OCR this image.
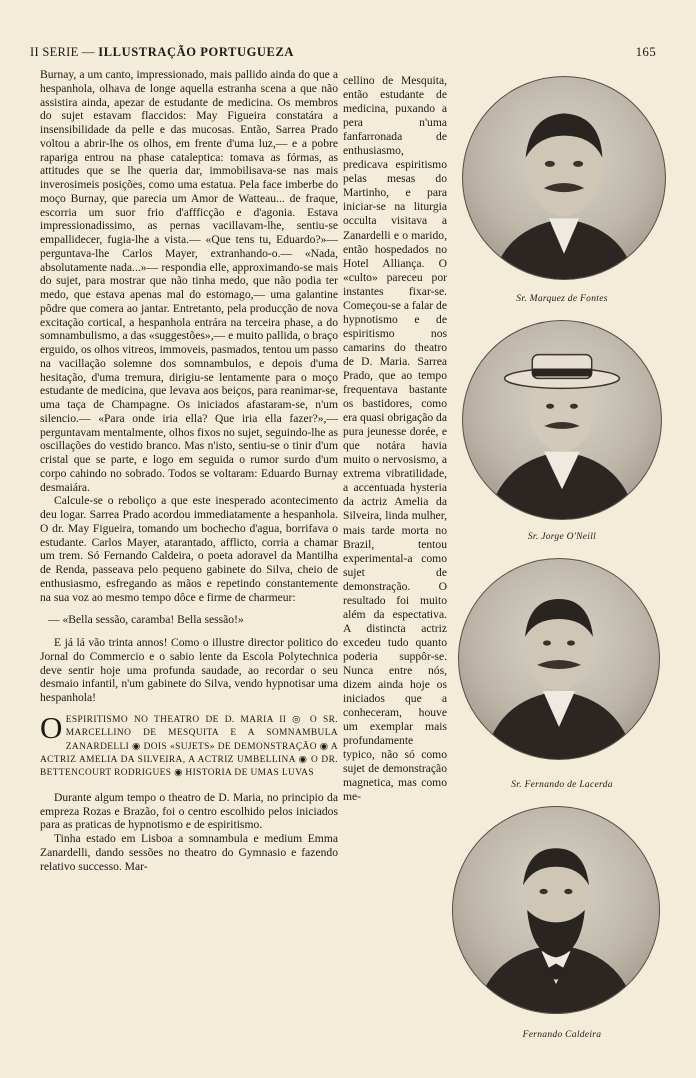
II SERIE — ILLUSTRAÇÃO PORTUGUEZA	165

Burnay, a um canto, impressionado, mais pallido ainda do que a hespanhola, olhava de longe aquella estranha scena a que não assistira ainda, apezar de estudante de medicina. Os membros do sujet estavam flaccidos: May Figueira constatára a insensibilidade da pelle e das mucosas. Então, Sarrea Prado voltou a abrir-lhe os olhos, em frente d'uma luz,— e a pobre rapariga entrou na phase cataleptica: tomava as fórmas, as attitudes que se lhe queria dar, immobilisava-se nas mais inverosimeis posições, como uma estatua. Pela face imberbe do moço Burnay, que parecia um Amor de Watteau... de fraque, escorria um suor frio d'affficção e d'agonia. Estava impressionadissimo, as pernas vacillavam-lhe, sentiu-se empallidecer, fugia-lhe a vista.— «Que tens tu, Eduardo?»— perguntava-lhe Carlos Mayer, extranhando-o.— «Nada, absolutamente nada...»— respondia elle, approximando-se mais do sujet, para mostrar que não tinha medo, que não podia ter medo, que estava apenas mal do estomago,— uma galantine pôdre que comera ao jantar. Entretanto, pela producção de nova excitação cortical, a hespanhola entrára na terceira phase, a do somnambulismo, a das «suggestões»,— e muito pallida, o braço erguido, os olhos vitreos, immoveis, pasmados, tentou um passo na vacillação solemne dos somnambulos, e depois d'uma hesitação, d'uma tremura, dirigiu-se lentamente para o moço estudante de medicina, que levava aos beiços, para reanimar-se, uma taça de Champagne. Os iniciados afastaram-se, n'um silencio.— «Para onde iria ella? Que iria ella fazer?»,— perguntavam mentalmente, olhos fixos no sujet, seguindo-lhe as oscillações do vestido branco. Mas n'isto, sentiu-se o tinir d'um cristal que se parte, e logo em seguida o rumor surdo d'um corpo cahindo no sobrado. Todos se voltaram: Eduardo Burnay desmaiára.

Calcule-se o reboliço a que este inesperado acontecimento deu logar. Sarrea Prado acordou immediatamente a hespanhola. O dr. May Figueira, tomando um bochecho d'agua, borrifava o estudante. Carlos Mayer, atarantado, afflicto, corria a chamar um trem. Só Fernando Caldeira, o poeta adoravel da Mantilha de Renda, passeava pelo pequeno gabinete do Silva, cheio de enthusiasmo, esfregando as mãos e repetindo constantemente na sua voz ao mesmo tempo dôce e firme de charmeur:

— «Bella sessão, caramba! Bella sessão!»

E já lá vão trinta annos! Como o illustre director politico do Jornal do Commercio e o sabio lente da Escola Polytechnica deve sentir hoje uma profunda saudade, ao recordar o seu desmaio infantil, n'um gabinete do Silva, vendo hypnotisar uma hespanhola!

O ESPIRITISMO NO THEATRO DE D. MARIA II ◎ O SR. MARCELLINO DE MESQUITA E A SOMNAMBULA ZANARDELLI ◉ DOIS «SUJETS» DE DEMONSTRAÇÃO ◉ A ACTRIZ AMELIA DA SILVEIRA, A ACTRIZ UMBELLINA ◉ O DR. BETTENCOURT RODRIGUES ◉ HISTORIA DE UMAS LUVAS

Durante algum tempo o theatro de D. Maria, no principio da empreza Rozas e Brazão, foi o centro escolhido pelos iniciados para as praticas de hypnotismo e de espiritismo.

Tinha estado em Lisboa a somnambula e medium Emma Zanardelli, dando sessões no theatro do Gymnasio e fazendo relativo successo. Mar-

cellino de Mesquita, então estudante de medicina, puxando a pera n'uma fanfarronada de enthusiasmo, predicava espiritismo pelas mesas do Martinho, e para iniciar-se na liturgia occulta visitava a Zanardelli e o marido, então hospedados no Hotel Alliança. O «culto» pareceu por instantes fixar-se. Começou-se a falar de hypnotismo e de espiritismo nos camarins do theatro de D. Maria. Sarrea Prado, que ao tempo frequentava bastante os bastidores, como era quasi obrigação da pura jeunesse dorée, e que notára havia muito o nervosismo, a extrema vibratilidade, a accentuada hysteria da actriz Amelia da Silveira, linda mulher, mais tarde morta no Brazil, tentou experimental-a como sujet de demonstração. O resultado foi muito além da espectativa. A distincta actriz excedeu tudo quanto poderia suppôr-se. Nunca entre nós, dizem ainda hoje os iniciados que a conheceram, houve um exemplar mais profundamente typico, não só como sujet de demonstração magnetica, mas como me-

Sr. Marquez de Fontes
Sr. Jorge O'Neill
Sr. Fernando de Lacerda
Fernando Caldeira
